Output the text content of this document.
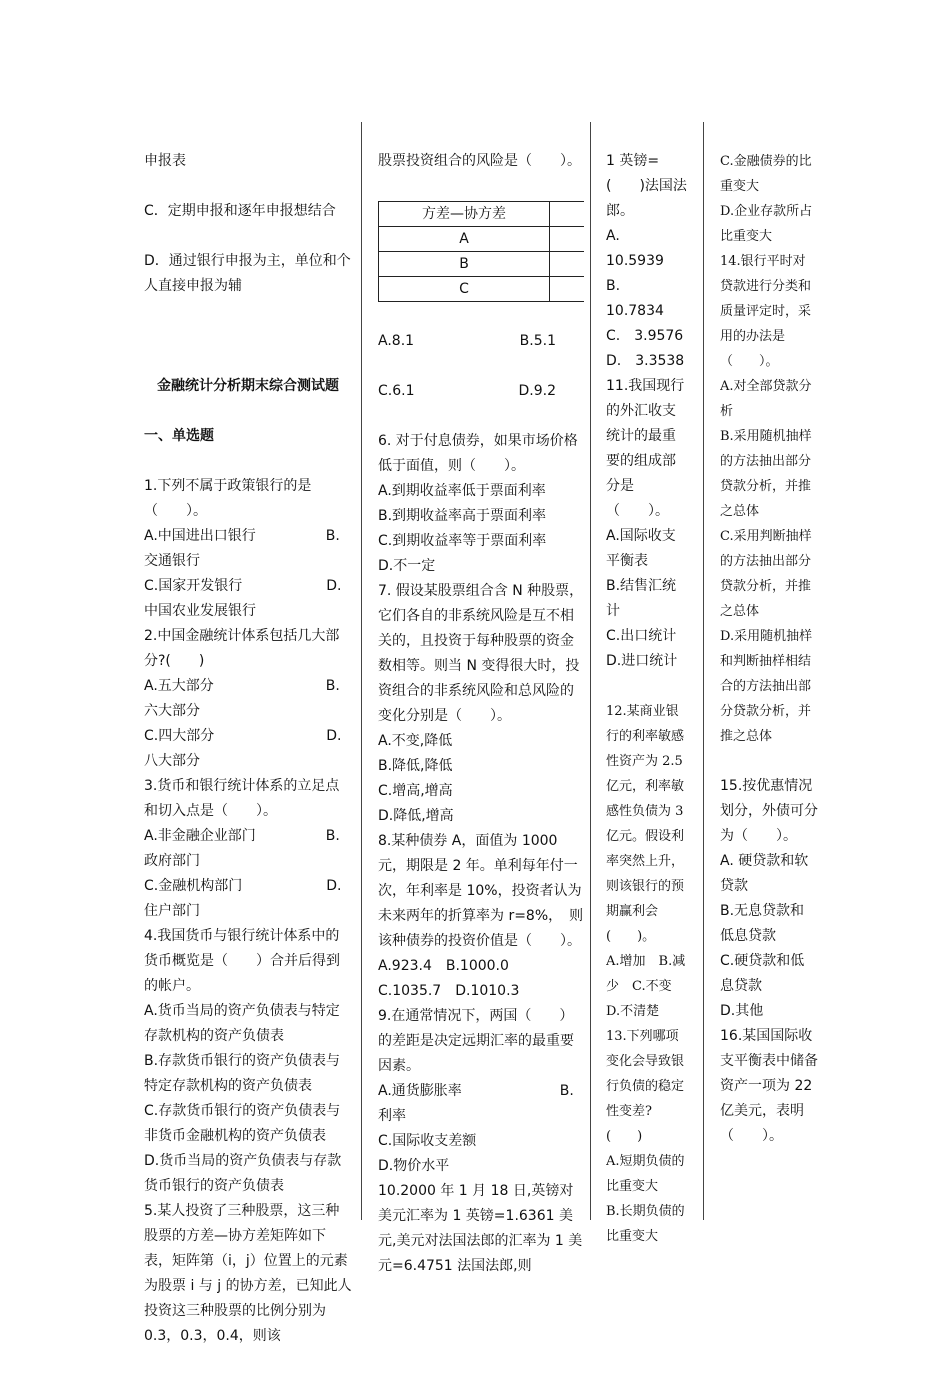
申报表

C．定期申报和逐年申报想结合

D．通过银行申报为主，单位和个人直接申报为辅

金融统计分析期末综合测试题

一、单选题

1.下列不属于政策银行的是（　　）。
A.中国进出口银行　　　　　B.交通银行
C.国家开发银行　　　　　　D.中国农业发展银行
2.中国金融统计体系包括几大部分?(　　)
A.五大部分　　　　　　　　B.六大部分
C.四大部分　　　　　　　　D.八大部分
3.货币和银行统计体系的立足点和切入点是（　　）。
A.非金融企业部门　　　　　B.政府部门
C.金融机构部门　　　　　　D.住户部门
4.我国货币与银行统计体系中的货币概览是（　　）合并后得到的帐户。
A.货币当局的资产负债表与特定存款机构的资产负债表
B.存款货币银行的资产负债表与特定存款机构的资产负债表
C.存款货币银行的资产负债表与非货币金融机构的资产负债表
D.货币当局的资产负债表与存款货币银行的资产负债表
5.某人投资了三种股票，这三种股票的方差—协方差矩阵如下表，矩阵第（i，j）位置上的元素为股票 i 与 j 的协方差，已知此人投资这三种股票的比例分别为 0.3，0.3，0.4，则该

股票投资组合的风险是（　　）。

方差—协方差	
A	
B	
C	

A.8.1	B.5.1

C.6.1	D.9.2

6. 对于付息债券，如果市场价格低于面值，则（　　）。
A.到期收益率低于票面利率
B.到期收益率高于票面利率
C.到期收益率等于票面利率
D.不一定
7. 假设某股票组合含 N 种股票，它们各自的非系统风险是互不相关的，且投资于每种股票的资金数相等。则当 N 变得很大时，投资组合的非系统风险和总风险的变化分别是（　　）。
A.不变,降低
B.降低,降低
C.增高,增高
D.降低,增高
8.某种债券 A，面值为 1000 元，期限是 2 年。单利每年付一次，年利率是 10%，投资者认为未来两年的折算率为 r=8%，　则该种债券的投资价值是（　　）。
A.923.4　B.1000.0
C.1035.7　D.1010.3
9.在通常情况下，两国（　　）的差距是决定远期汇率的最重要因素。
A.通货膨胀率　　　　　　　B.利率
C.国际收支差额
D.物价水平
10.2000 年 1 月 18 日,英镑对美元汇率为 1 英镑=1.6361 美元,美元对法国法郎的汇率为 1 美元=6.4751 法国法郎,则

1 英镑=(　　)法国法郎。
A.　10.5939
B.　10.7834
C.　3.9576
D.　3.3538
11.我国现行的外汇收支统计的最重要的组成部分是（　　）。
A.国际收支平衡表
B.结售汇统计
C.出口统计
D.进口统计

12.某商业银行的利率敏感性资产为 2.5 亿元，利率敏感性负债为 3 亿元。假设利率突然上升，则该银行的预期赢利会(　　)。
A.增加　B.减少　C.不变　D.不清楚
13.下列哪项变化会导致银行负债的稳定性变差?(　　)
A.短期负债的比重变大
B.长期负债的比重变大

C.金融债券的比重变大
D.企业存款所占比重变大
14.银行平时对贷款进行分类和质量评定时，采用的办法是（　　）。
A.对全部贷款分析
B.采用随机抽样的方法抽出部分贷款分析，并推之总体
C.采用判断抽样的方法抽出部分贷款分析，并推之总体
D.采用随机抽样和判断抽样相结合的方法抽出部分贷款分析，并推之总体

15.按优惠情况划分，外债可分为（　　）。
A. 硬贷款和软贷款
B.无息贷款和低息贷款
C.硬贷款和低息贷款
D.其他
16.某国国际收支平衡表中储备资产一项为 22 亿美元，表明（　　）。
